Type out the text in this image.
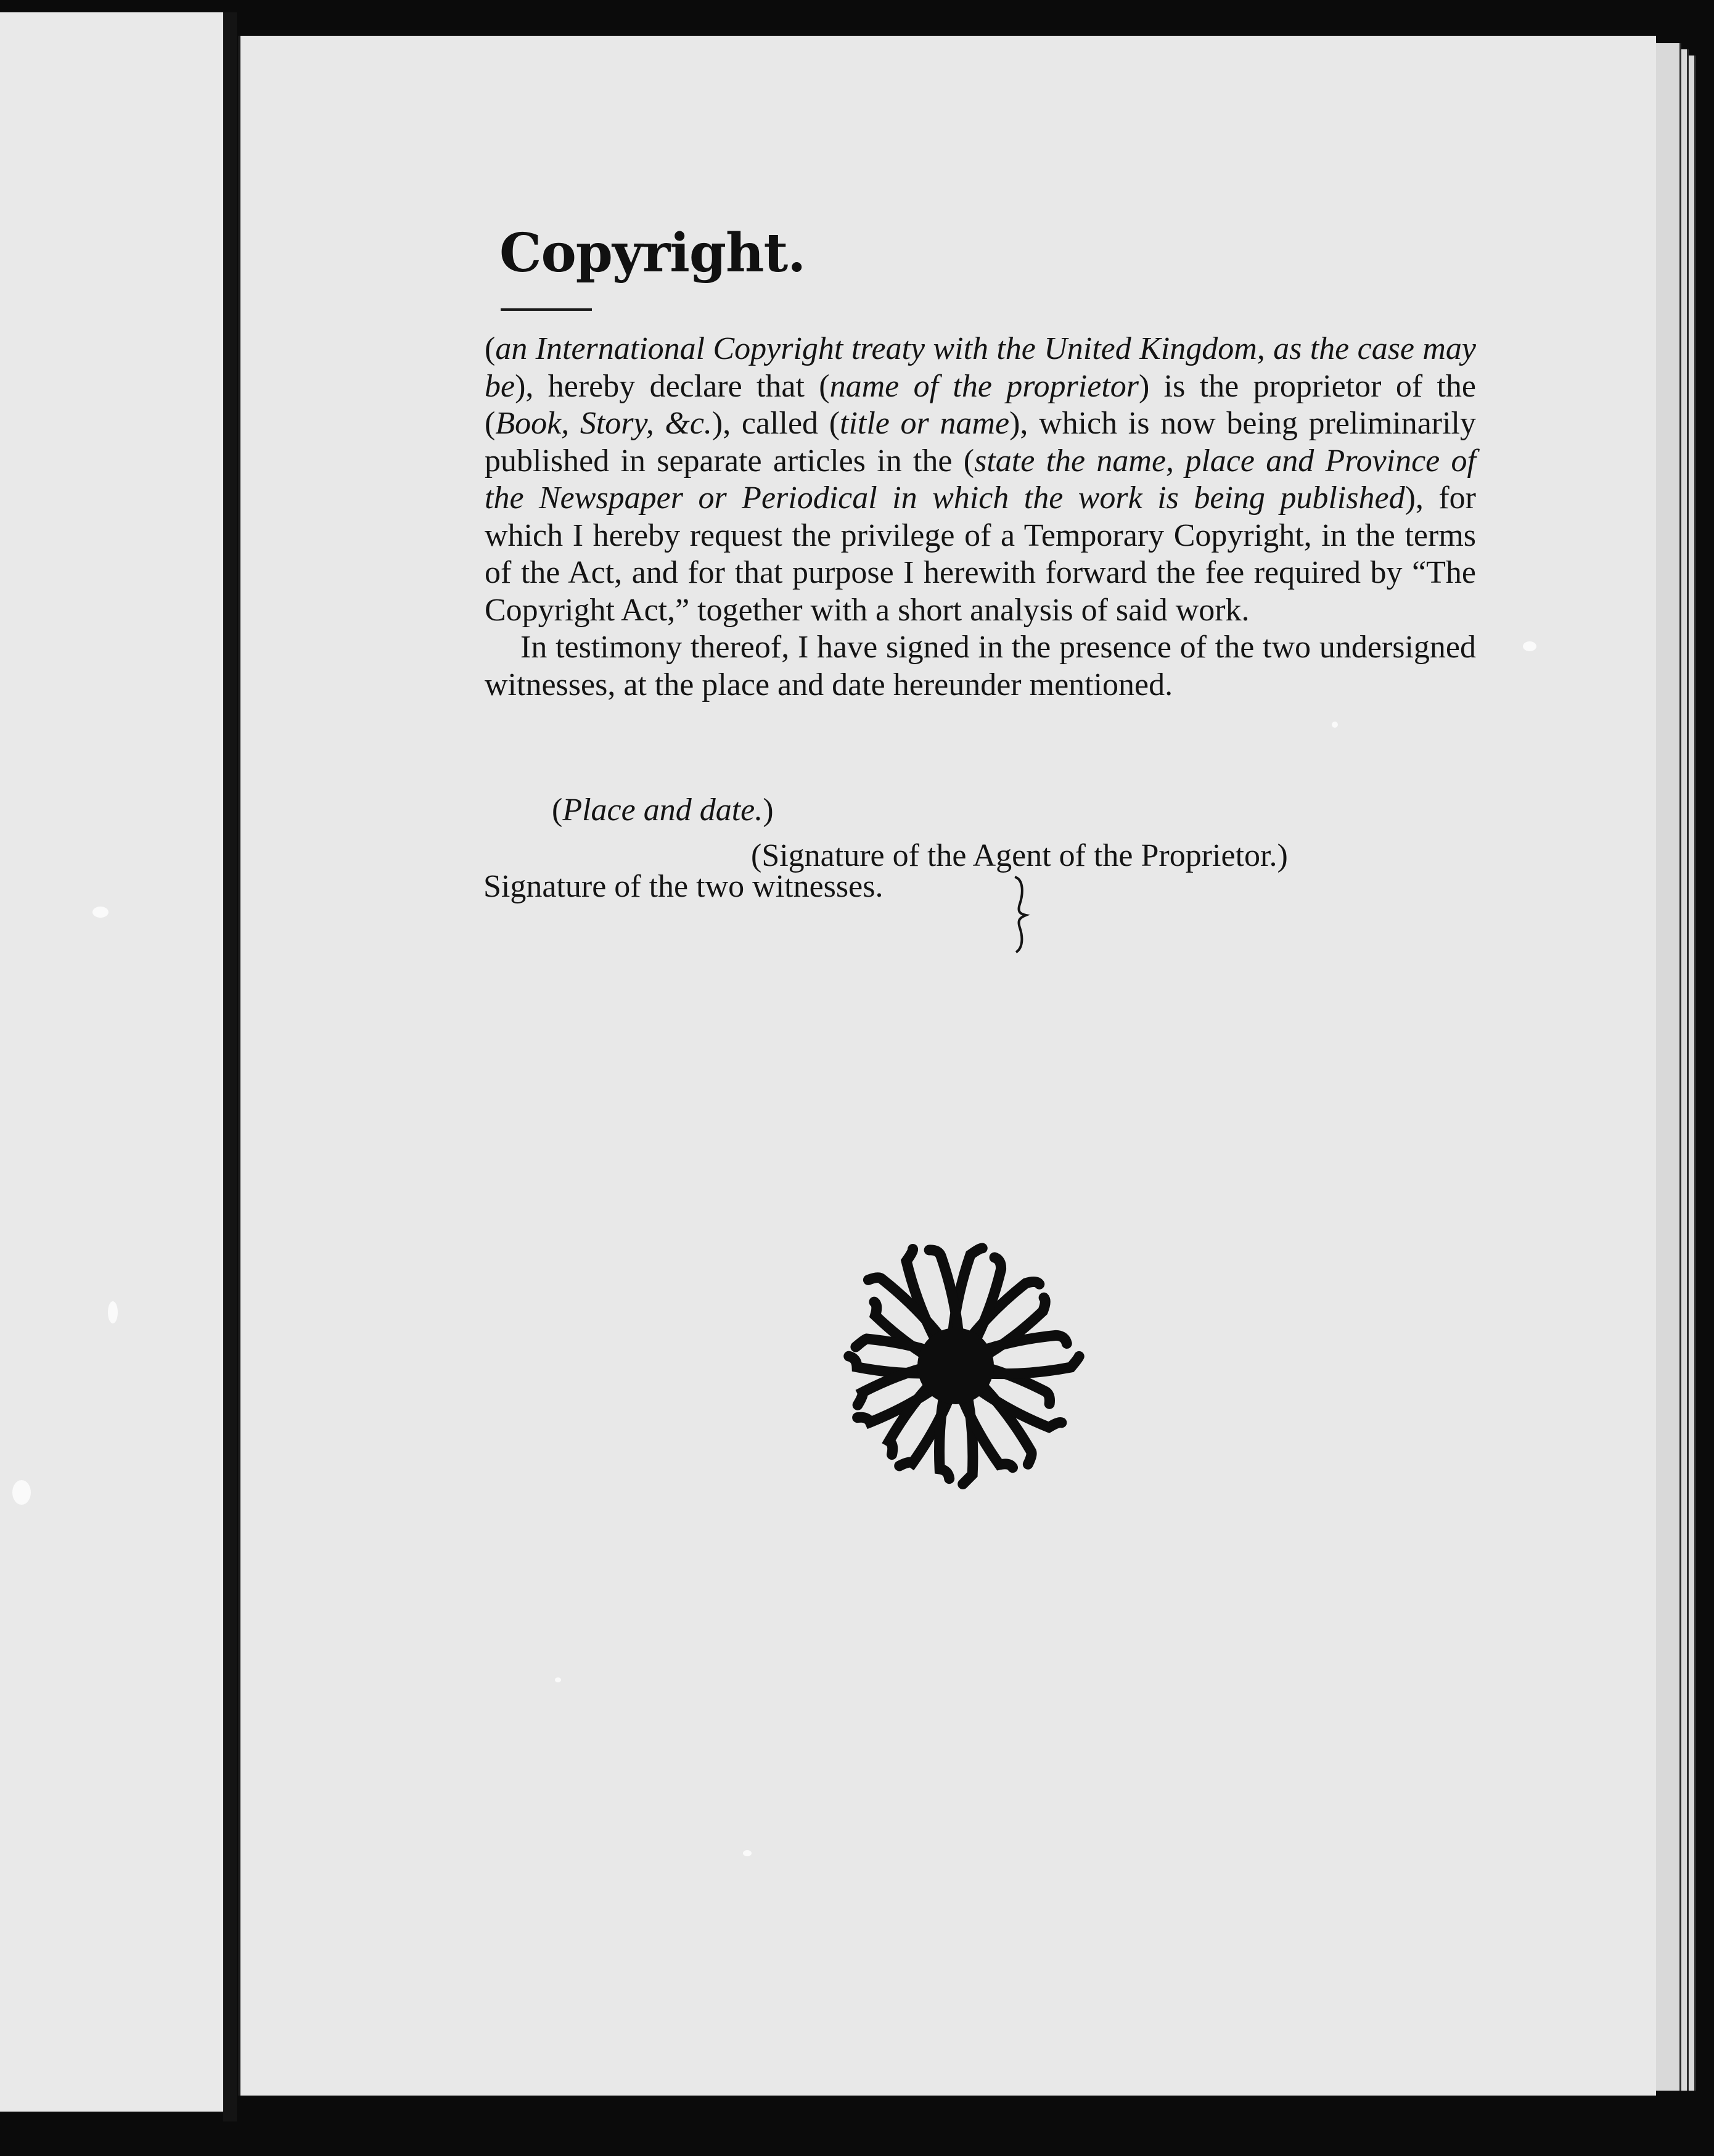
Copyright.

(an International Copyright treaty with the United Kingdom, as the case may be), hereby declare that (name of the proprietor) is the proprietor of the (Book, Story, &c.), called (title or name), which is now being preliminarily published in separate articles in the (state the name, place and Province of the Newspaper or Periodical in which the work is being published), for which I hereby request the privilege of a Temporary Copyright, in the terms of the Act, and for that purpose I herewith forward the fee required by “The Copyright Act,” together with a short analysis of said work.

In testimony thereof, I have signed in the presence of the two undersigned witnesses, at the place and date hereunder mentioned.

(Place and date.)
(Signature of the Agent of the Proprietor.)
Signature of the two witnesses.
